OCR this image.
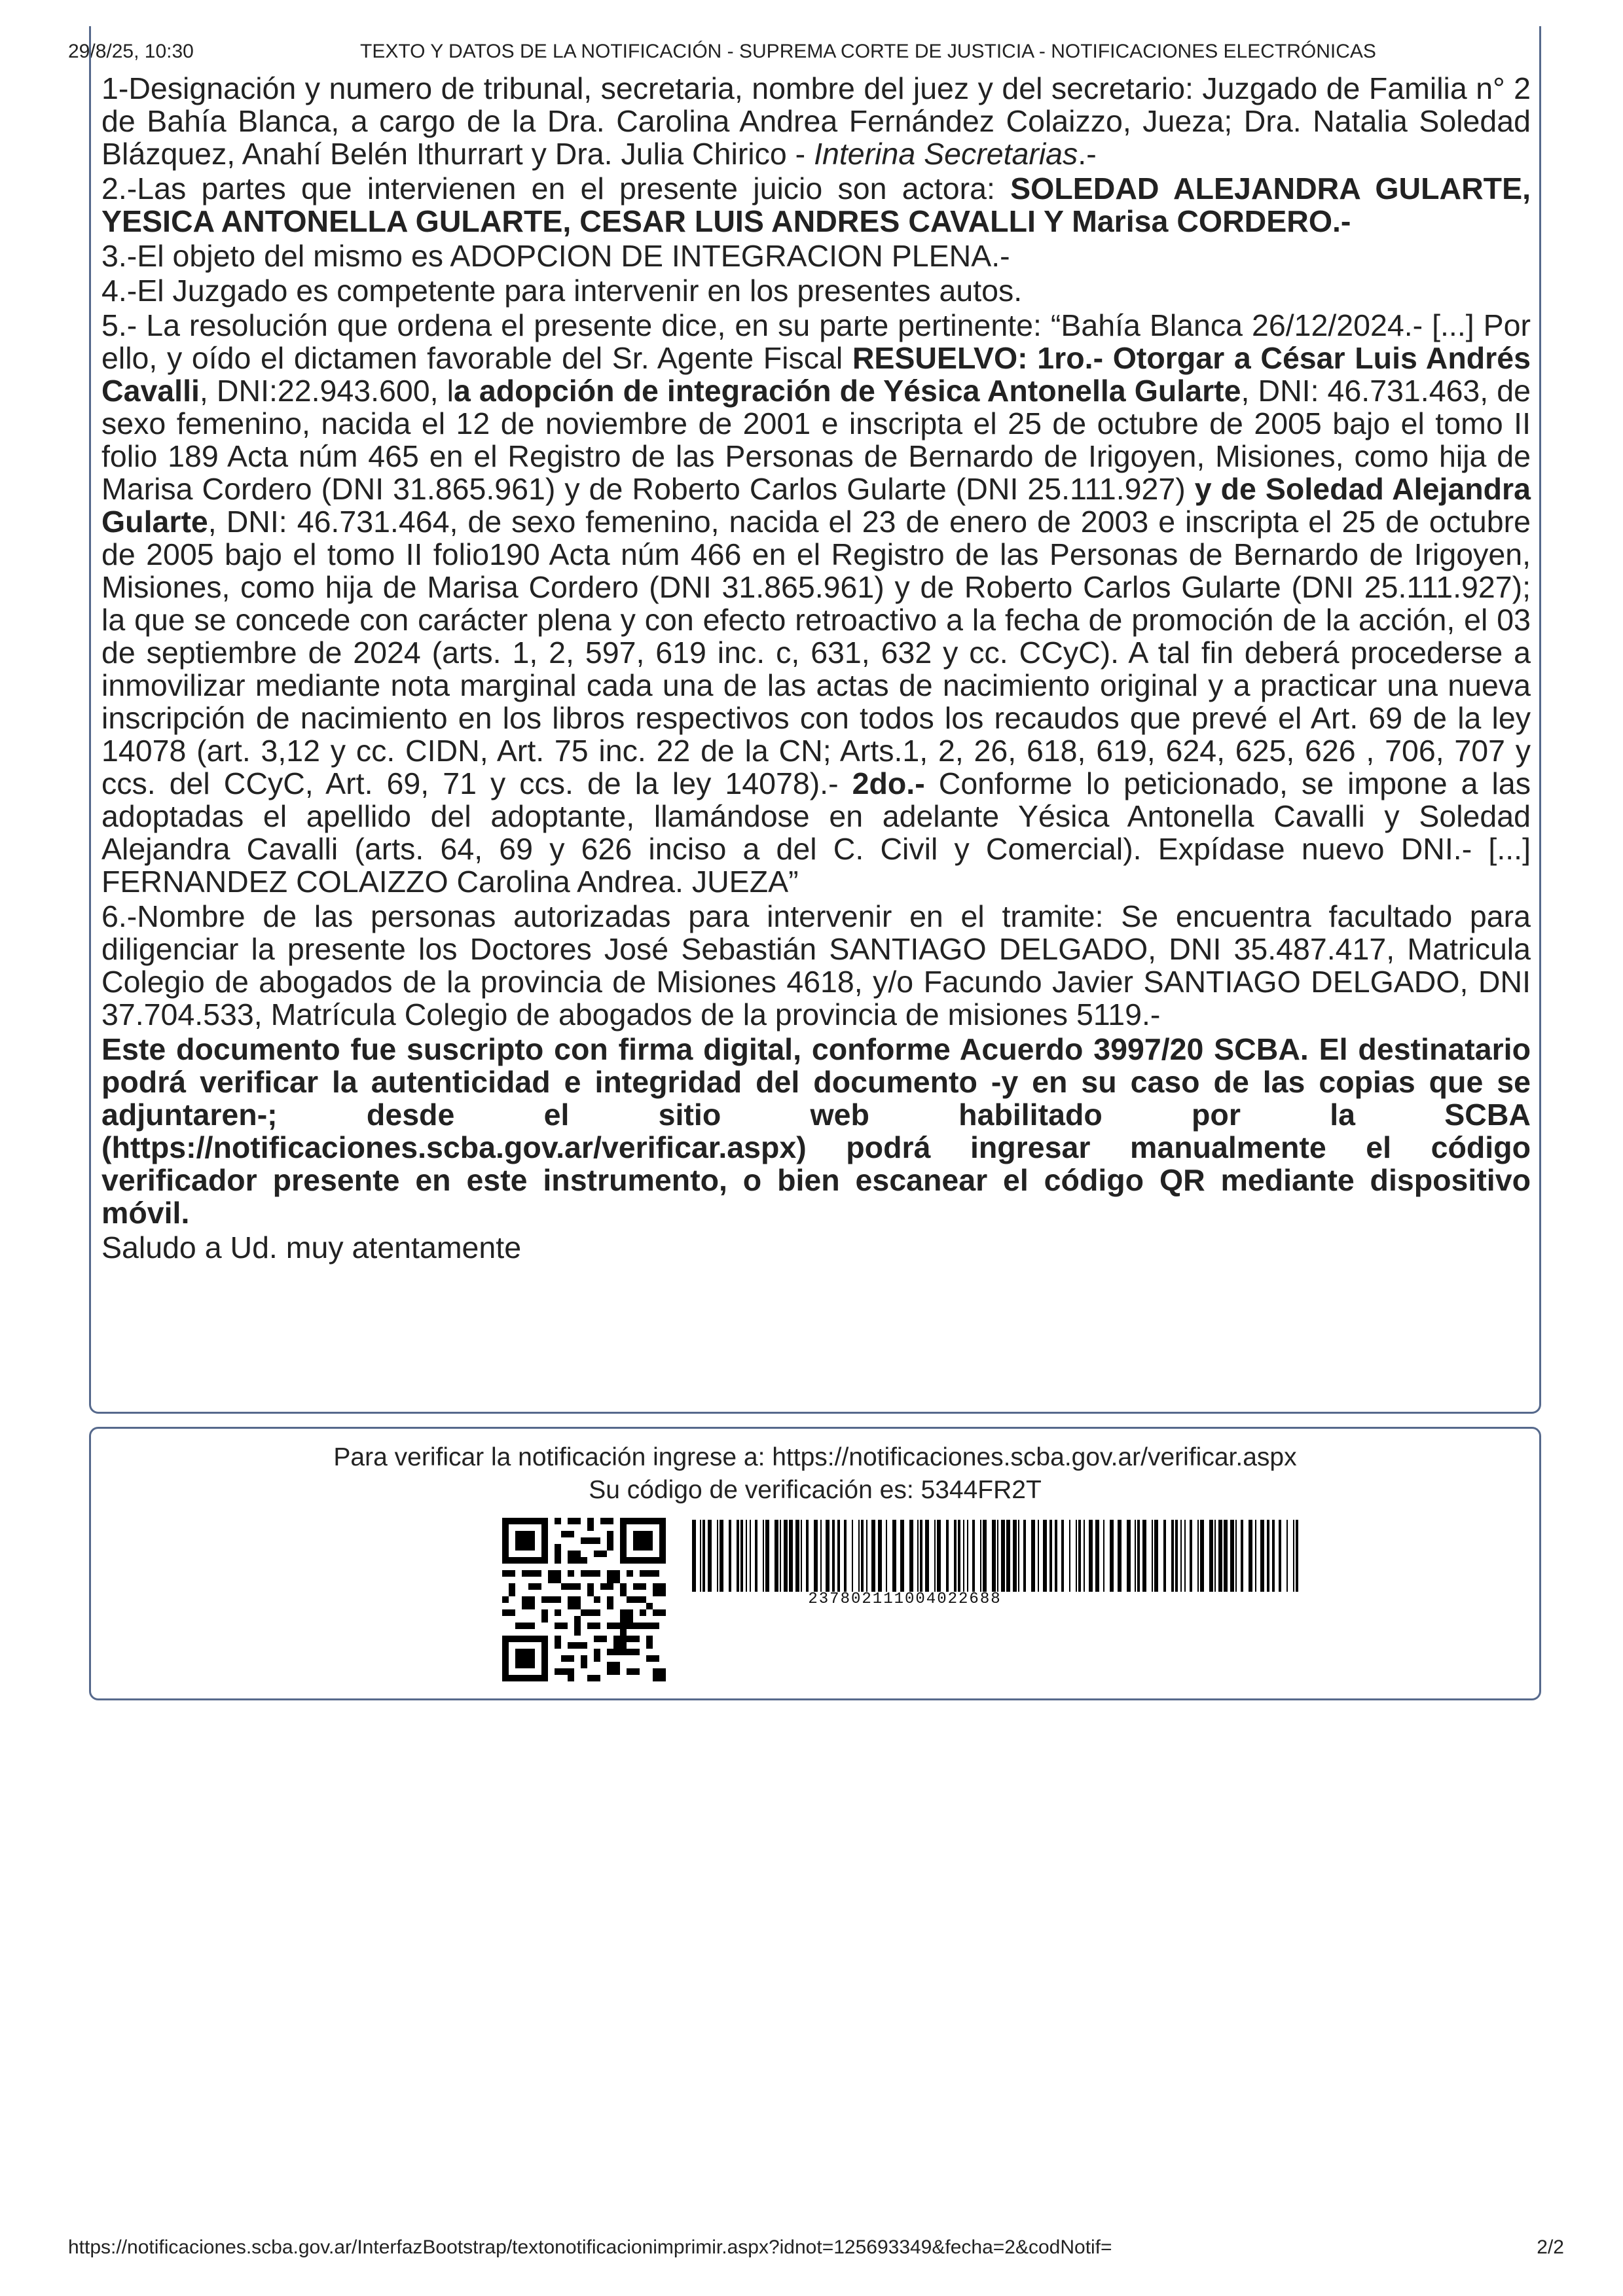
29/8/25, 10:30	TEXTO Y DATOS DE LA NOTIFICACIÓN - SUPREMA CORTE DE JUSTICIA - NOTIFICACIONES ELECTRÓNICAS

1-Designación y numero de tribunal, secretaria, nombre del juez y del secretario: Juzgado de Familia n° 2 de Bahía Blanca, a cargo de la Dra. Carolina Andrea Fernández Colaizzo, Jueza; Dra. Natalia Soledad Blázquez, Anahí Belén Ithurrart y Dra. Julia Chirico - Interina Secretarias.-

2.-Las partes que intervienen en el presente juicio son actora: SOLEDAD ALEJANDRA GULARTE, YESICA ANTONELLA GULARTE, CESAR LUIS ANDRES CAVALLI Y Marisa CORDERO.-

3.-El objeto del mismo es ADOPCION DE INTEGRACION PLENA.-

4.-El Juzgado es competente para intervenir en los presentes autos.

5.- La resolución que ordena el presente dice, en su parte pertinente: “Bahía Blanca 26/12/2024.- [...] Por ello, y oído el dictamen favorable del Sr. Agente Fiscal RESUELVO: 1ro.- Otorgar a César Luis Andrés Cavalli, DNI:22.943.600, la adopción de integración de Yésica Antonella Gularte, DNI: 46.731.463, de sexo femenino, nacida el 12 de noviembre de 2001 e inscripta el 25 de octubre de 2005 bajo el tomo II folio 189 Acta núm 465 en el Registro de las Personas de Bernardo de Irigoyen, Misiones, como hija de Marisa Cordero (DNI 31.865.961) y de Roberto Carlos Gularte (DNI 25.111.927) y de Soledad Alejandra Gularte, DNI: 46.731.464, de sexo femenino, nacida el 23 de enero de 2003 e inscripta el 25 de octubre de 2005 bajo el tomo II folio190 Acta núm 466 en el Registro de las Personas de Bernardo de Irigoyen, Misiones, como hija de Marisa Cordero (DNI 31.865.961) y de Roberto Carlos Gularte (DNI 25.111.927); la que se concede con carácter plena y con efecto retroactivo a la fecha de promoción de la acción, el 03 de septiembre de 2024 (arts. 1, 2, 597, 619 inc. c, 631, 632 y cc. CCyC). A tal fin deberá procederse a inmovilizar mediante nota marginal cada una de las actas de nacimiento original y a practicar una nueva inscripción de nacimiento en los libros respectivos con todos los recaudos que prevé el Art. 69 de la ley 14078 (art. 3,12 y cc. CIDN, Art. 75 inc. 22 de la CN; Arts.1, 2, 26, 618, 619, 624, 625, 626 , 706, 707 y ccs. del CCyC, Art. 69, 71 y ccs. de la ley 14078).- 2do.- Conforme lo peticionado, se impone a las adoptadas el apellido del adoptante, llamándose en adelante Yésica Antonella Cavalli y Soledad Alejandra Cavalli (arts. 64, 69 y 626 inciso a del C. Civil y Comercial). Expídase nuevo DNI.- [...] FERNANDEZ COLAIZZO Carolina Andrea. JUEZA”

6.-Nombre de las personas autorizadas para intervenir en el tramite: Se encuentra facultado para diligenciar la presente los Doctores José Sebastián SANTIAGO DELGADO, DNI 35.487.417, Matricula Colegio de abogados de la provincia de Misiones 4618, y/o Facundo Javier SANTIAGO DELGADO, DNI 37.704.533, Matrícula Colegio de abogados de la provincia de misiones 5119.-

Este documento fue suscripto con firma digital, conforme Acuerdo 3997/20 SCBA. El destinatario podrá verificar la autenticidad e integridad del documento -y en su caso de las copias que se adjuntaren-; desde el sitio web habilitado por la SCBA (https://notificaciones.scba.gov.ar/verificar.aspx) podrá ingresar manualmente el código verificador presente en este instrumento, o bien escanear el código QR mediante dispositivo móvil.

Saludo a Ud. muy atentamente

Para verificar la notificación ingrese a: https://notificaciones.scba.gov.ar/verificar.aspx
Su código de verificación es: 5344FR2T
237802111004022688
https://notificaciones.scba.gov.ar/InterfazBootstrap/textonotificacionimprimir.aspx?idnot=125693349&fecha=2&codNotif=	2/2
